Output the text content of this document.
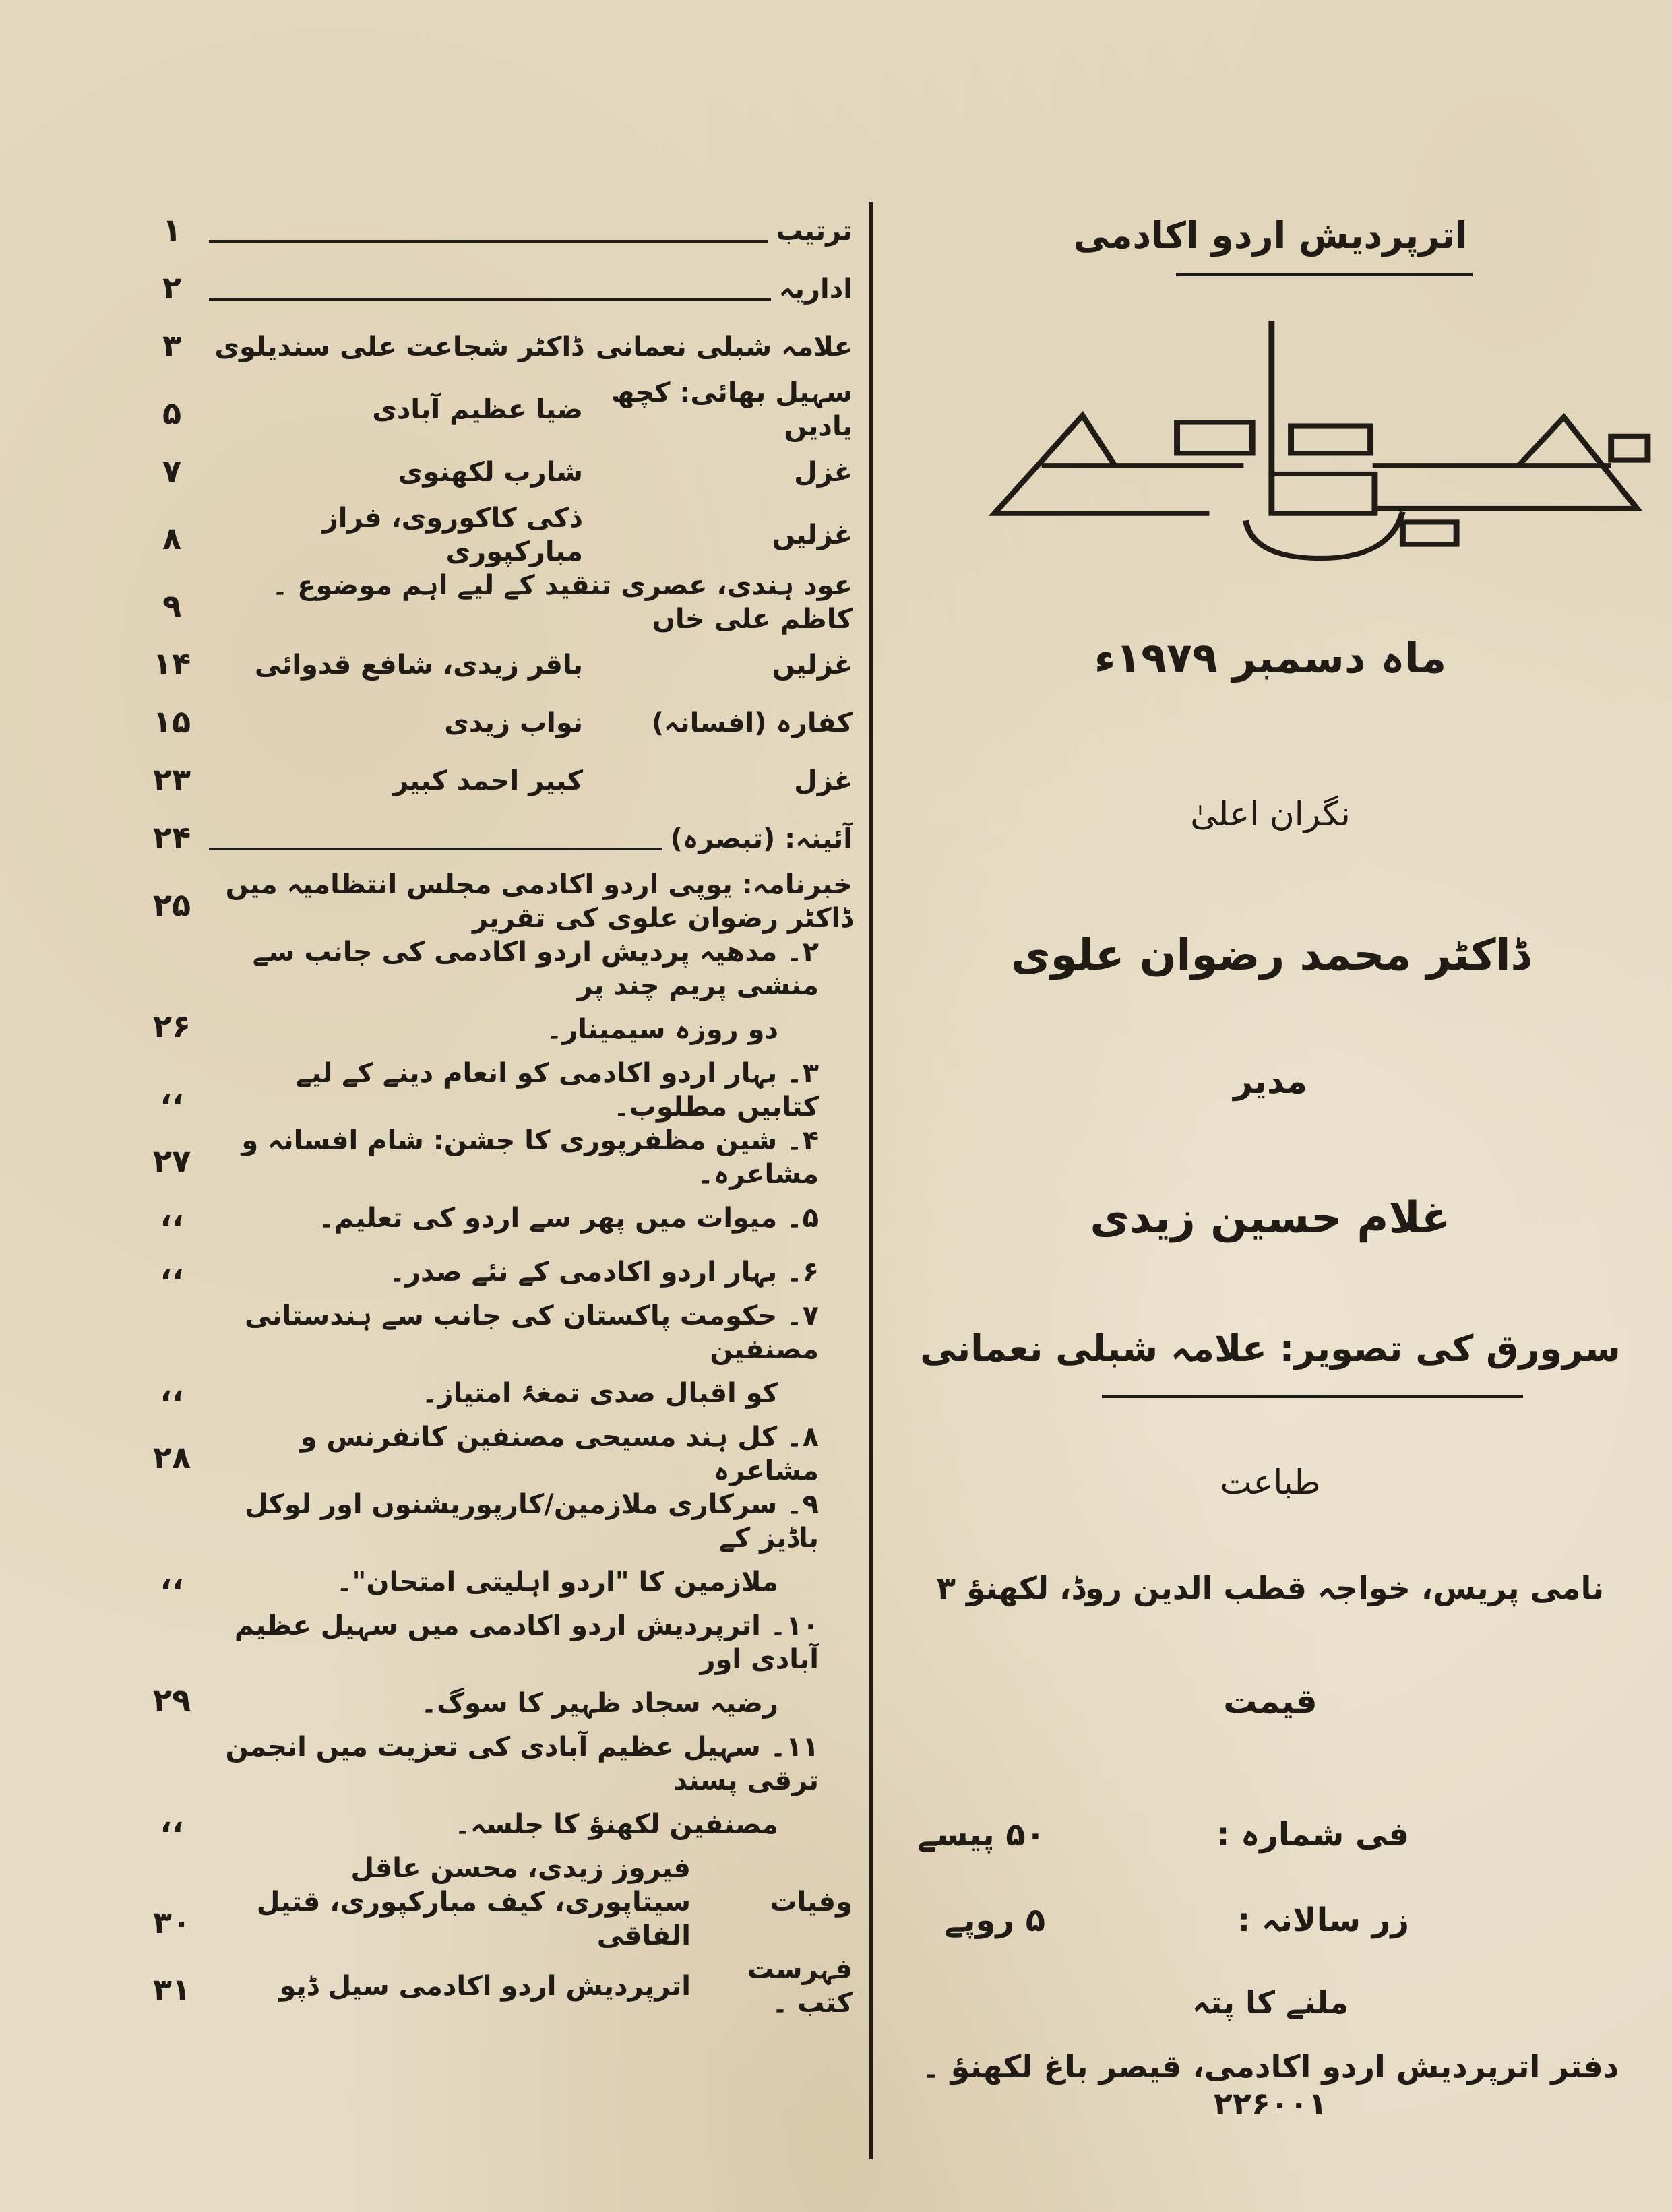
ترتیب
۱
اداریہ
۲
علامہ شبلی نعمانی
ڈاکٹر شجاعت علی سندیلوی
۳
سہیل بھائی: کچھ یادیں
ضیا عظیم آبادی
۵
غزل
شارب لکھنوی
۷
غزلیں
ذکی کاکوروی، فراز مبارکپوری
۸
عود ہندی، عصری تنقید کے لیے اہم موضوع ۔ کاظم علی خاں
۹
غزلیں
باقر زیدی، شافع قدوائی
۱۴
کفارہ (افسانہ)
نواب زیدی
۱۵
غزل
کبیر احمد کبیر
۲۳
آئینہ: (تبصرہ)
۲۴
خبرنامہ: یوپی اردو اکادمی مجلس انتظامیہ میں ڈاکٹر رضوان علوی کی تقریر
۲۵
۲۔ مدھیہ پردیش اردو اکادمی کی جانب سے منشی پریم چند پر
دو روزہ سیمینار۔
۲۶
۳۔ بہار اردو اکادمی کو انعام دینے کے لیے کتابیں مطلوب۔
،،
۴۔ شین مظفرپوری کا جشن: شام افسانہ و مشاعرہ۔
۲۷
۵۔ میوات میں پھر سے اردو کی تعلیم۔
،،
۶۔ بہار اردو اکادمی کے نئے صدر۔
،،
۷۔ حکومت پاکستان کی جانب سے ہندستانی مصنفین
کو اقبال صدی تمغۂ امتیاز۔
،،
۸۔ کل ہند مسیحی مصنفین کانفرنس و مشاعرہ
۲۸
۹۔ سرکاری ملازمین/کارپوریشنوں اور لوکل باڈیز کے
ملازمین کا "اردو اہلیتی امتحان"۔
،،
۱۰۔ اترپردیش اردو اکادمی میں سہیل عظیم آبادی اور
رضیہ سجاد ظہیر کا سوگ۔
۲۹
۱۱۔ سہیل عظیم آبادی کی تعزیت میں انجمن ترقی پسند
مصنفین لکھنؤ کا جلسہ۔
،،
وفیات
فیروز زیدی، محسن عاقل سیتاپوری، کیف مبارکپوری، قتیل الفاقی
۳۰
فہرست کتب ۔
اترپردیش اردو اکادمی سیل ڈپو
۳۱
اترپردیش اردو اکادمی
ماہ دسمبر ۱۹۷۹ء
نگران اعلیٰ
ڈاکٹر محمد رضوان علوی
مدیر
غلام حسین زیدی
سرورق کی تصویر: علامہ شبلی نعمانی
طباعت
نامی پریس، خواجہ قطب الدین روڈ، لکھنؤ ۳
قیمت
فی شمارہ :
۵۰ پیسے
زر سالانہ :
۵ روپے
ملنے کا پتہ
دفتر اترپردیش اردو اکادمی، قیصر باغ لکھنؤ ۔ ۲۲۶۰۰۱
